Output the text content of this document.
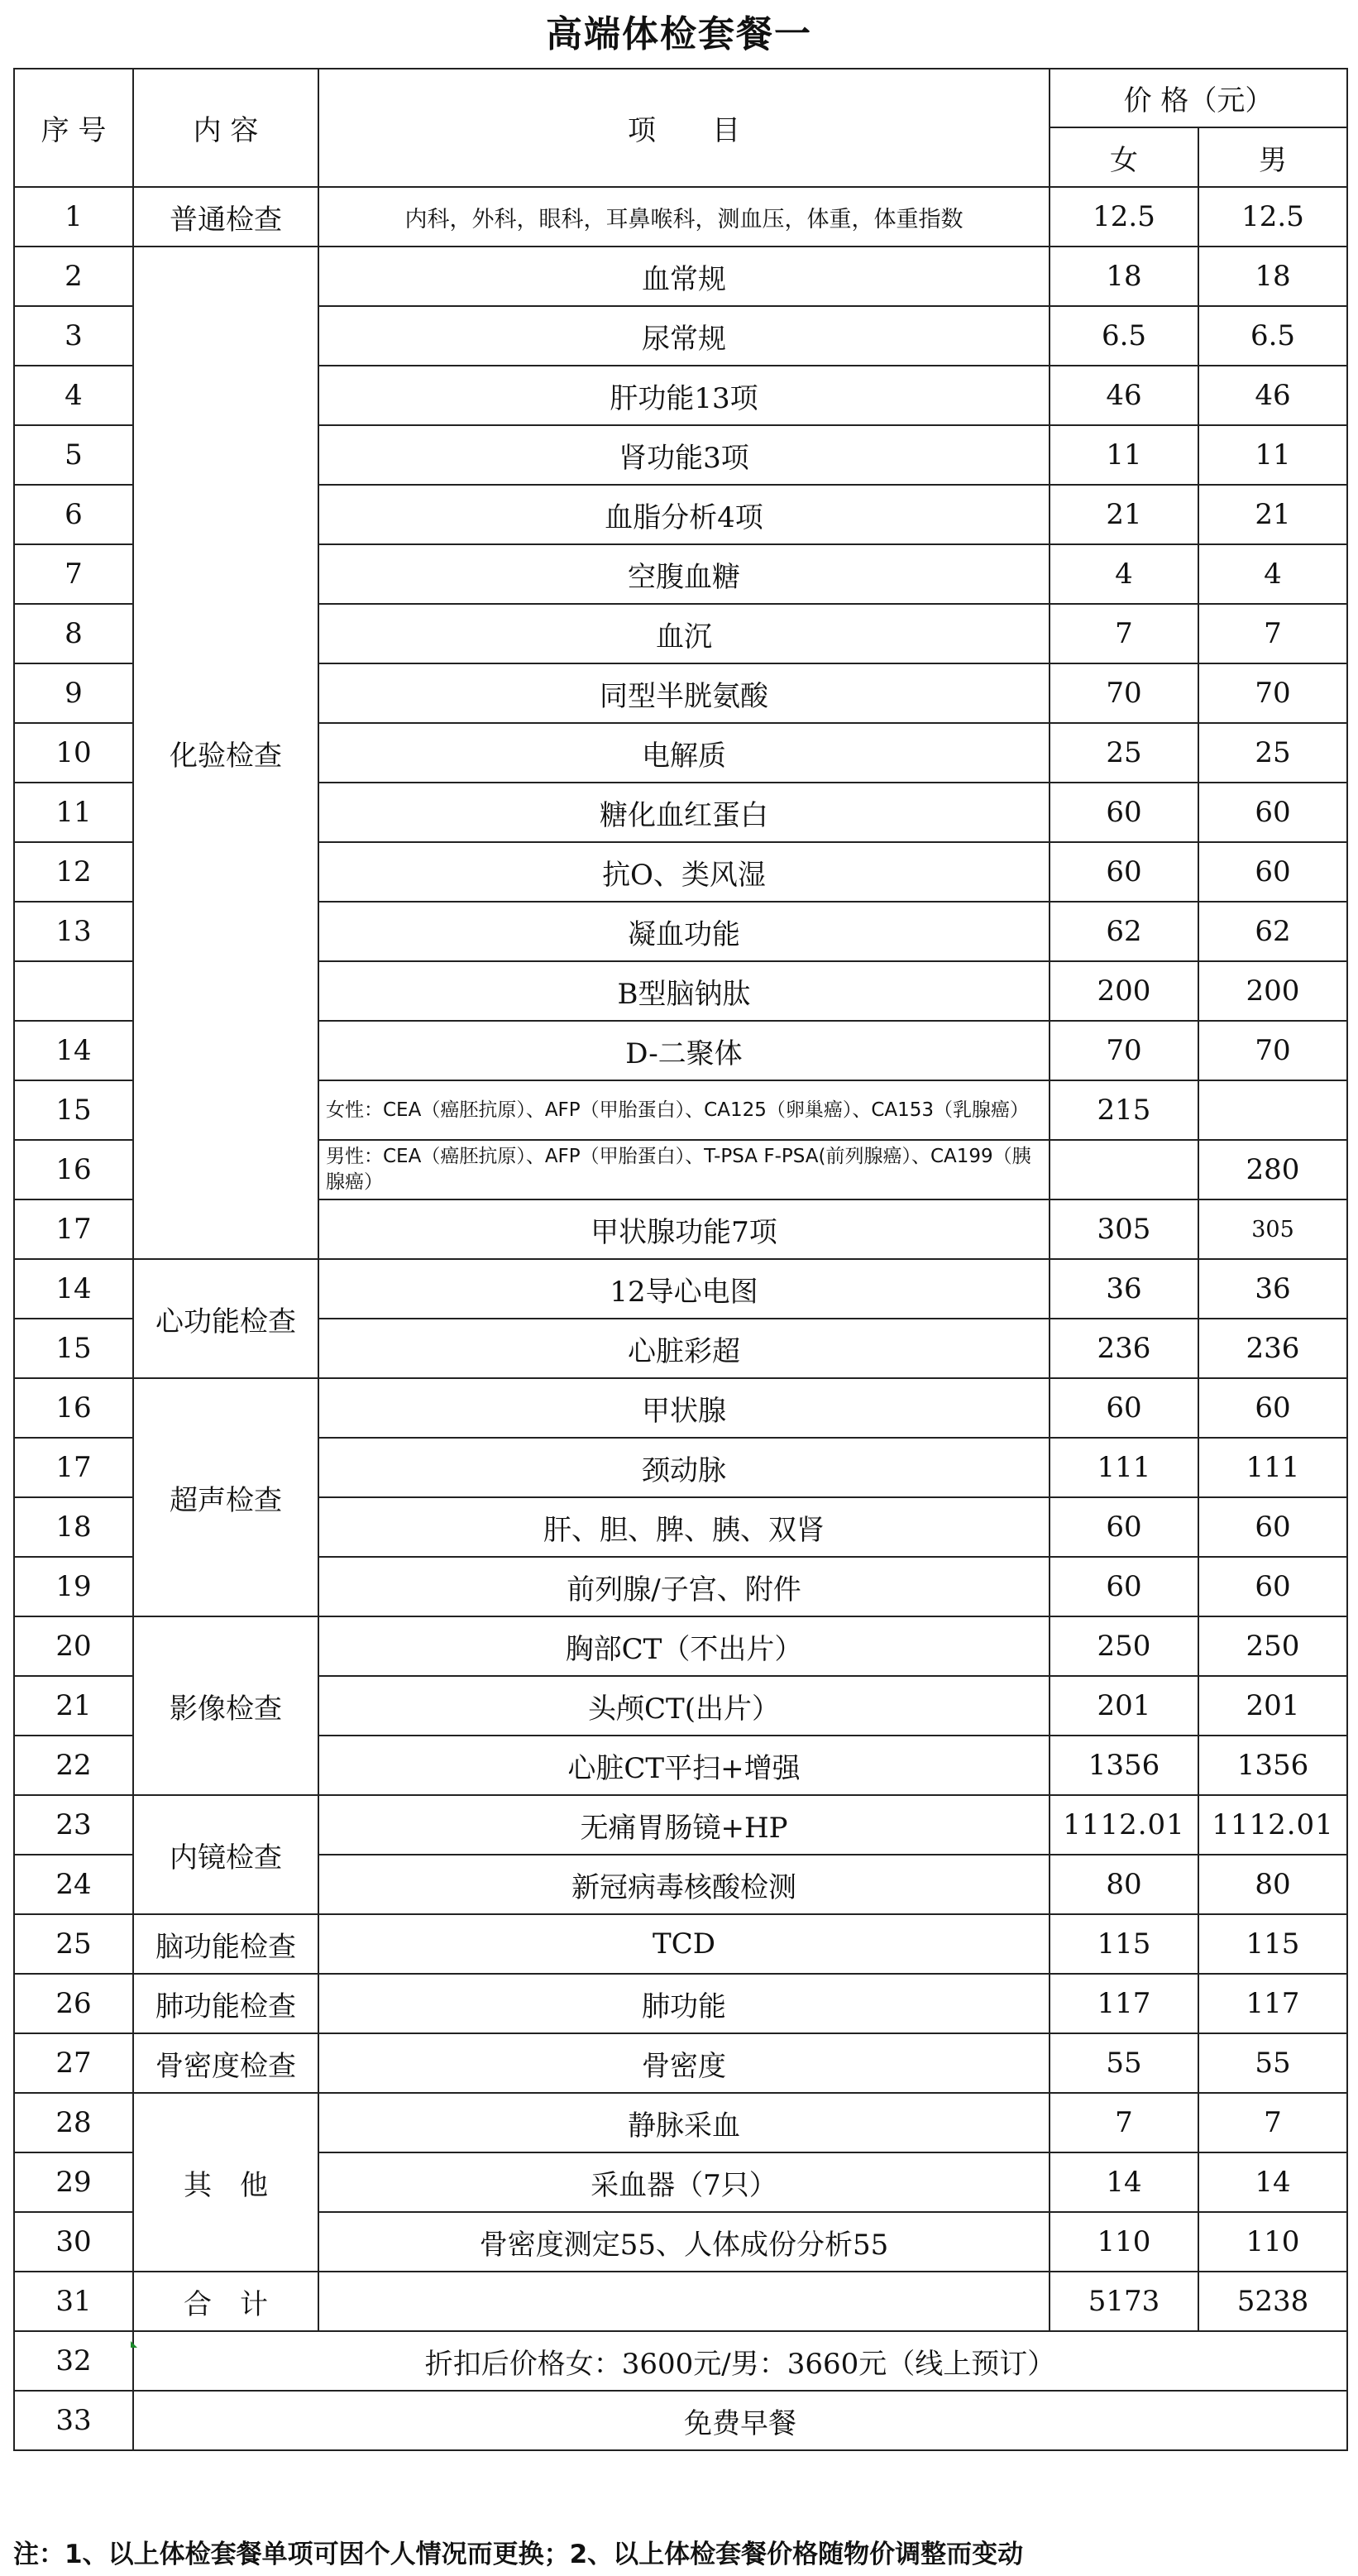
高端体检套餐一
序 号	内 容	项　　目	价 格（元）	
			女	男
1	普通检查	内科，外科，眼科，耳鼻喉科，测血压，体重，体重指数	12.5	12.5
2	化验检查	血常规	18	18
3		尿常规	6.5	6.5
4		肝功能13项	46	46
5		肾功能3项	11	11
6		血脂分析4项	21	21
7		空腹血糖	4	4
8		血沉	7	7
9		同型半胱氨酸	70	70
10		电解质	25	25
11		糖化血红蛋白	60	60
12		抗O、类风湿	60	60
13		凝血功能	62	62
		B型脑钠肽	200	200
14		D-二聚体	70	70
15		女性：CEA（癌胚抗原）、AFP（甲胎蛋白）、CA125（卵巢癌）、CA153（乳腺癌）	215	
16		男性：CEA（癌胚抗原）、AFP（甲胎蛋白）、T-PSA F-PSA(前列腺癌）、CA199（胰腺癌）		280
17		甲状腺功能7项	305	305
14	心功能检查	12导心电图	36	36
15		心脏彩超	236	236
16	超声检查	甲状腺	60	60
17		颈动脉	111	111
18		肝、胆、脾、胰、双肾	60	60
19		前列腺/子宫、附件	60	60
20	影像检查	胸部CT（不出片）	250	250
21		头颅CT(出片）	201	201
22		心脏CT平扫+增强	1356	1356
23	内镜检查	无痛胃肠镜+HP	1112.01	1112.01
24		新冠病毒核酸检测	80	80
25	脑功能检查	TCD	115	115
26	肺功能检查	肺功能	117	117
27	骨密度检查	骨密度	55	55
28	其　他	静脉采血	7	7
29		采血器（7只）	14	14
30		骨密度测定55、人体成份分析55	110	110
31	合　计		5173	5238
32	折扣后价格女：3600元/男：3660元（线上预订）			
33	免费早餐			
注：1、以上体检套餐单项可因个人情况而更换；2、以上体检套餐价格随物价调整而变动
